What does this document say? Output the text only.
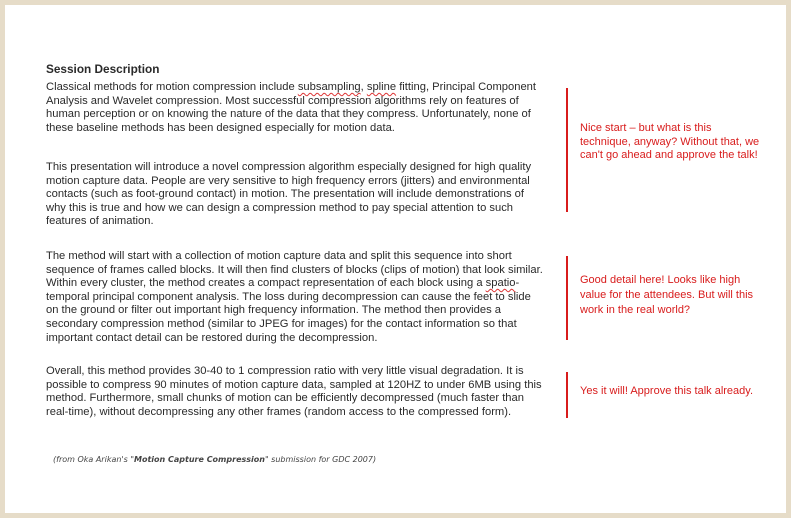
Session Description

Classical methods for motion compression include subsampling, spline fitting, Principal Component Analysis and Wavelet compression. Most successful compression algorithms rely on features of human perception or on knowing the nature of the data that they compress. Unfortunately, none of these baseline methods has been designed especially for motion data.

This presentation will introduce a novel compression algorithm especially designed for high quality motion capture data. People are very sensitive to high frequency errors (jitters) and environmental contacts (such as foot-ground contact) in motion. The presentation will include demonstrations of why this is true and how we can design a compression method to pay special attention to such features of animation.

The method will start with a collection of motion capture data and split this sequence into short sequence of frames called blocks. It will then find clusters of blocks (clips of motion) that look similar. Within every cluster, the method creates a compact representation of each block using a spatio-temporal principal component analysis. The loss during decompression can cause the feet to slide on the ground or filter out important high frequency information. The method then provides a secondary compression method (similar to JPEG for images) for the contact information so that important contact detail can be restored during the decompression.

Overall, this method provides 30-40 to 1 compression ratio with very little visual degradation. It is possible to compress 90 minutes of motion capture data, sampled at 120HZ to under 6MB using this method. Furthermore, small chunks of motion can be efficiently decompressed (much faster than real-time), without decompressing any other frames (random access to the compressed form).

(from Oka Arikan's "Motion Capture Compression" submission for GDC 2007)
Nice start – but what is this technique, anyway? Without that, we can't go ahead and approve the talk!
Good detail here! Looks like high value for the attendees. But will this work in the real world?
Yes it will! Approve this talk already.
